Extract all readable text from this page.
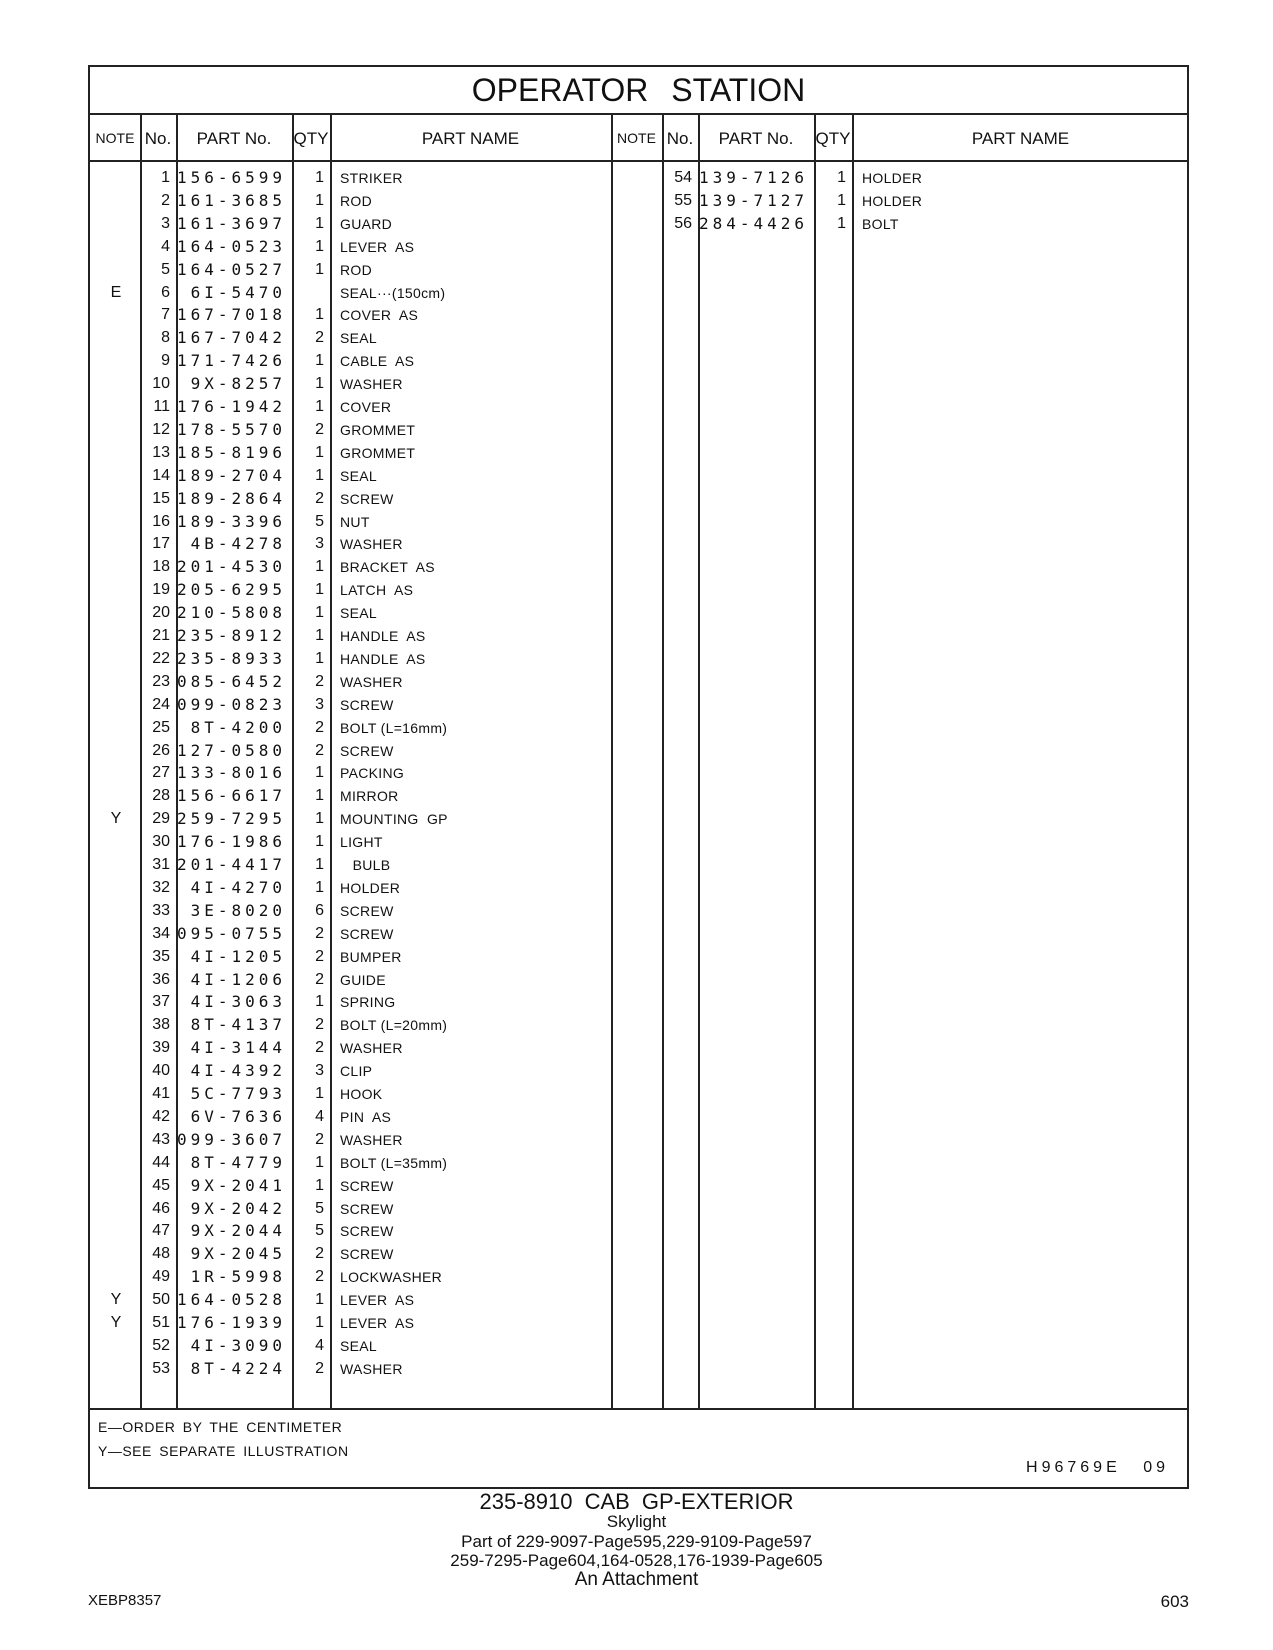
OPERATOR STATION
NOTE No.	PART No.	QTY	PART NAME	NOTE No.	PART No.	QTY	PART NAME
1 156-6599	1 STRIKER
2 161-3685	1 ROD
3 161-3697	1 GUARD
4 164-0523	1 LEVER  AS
5 164-0527	1 ROD
E	6	6I-5470	SEAL···(150cm)
7 167-7018	1 COVER  AS
8 167-7042	2 SEAL
9 171-7426	1 CABLE  AS
10	9X-8257	1 WASHER
11 176-1942	1 COVER
12 178-5570	2 GROMMET
13 185-8196	1 GROMMET
14 189-2704	1 SEAL
15 189-2864	2 SCREW
16 189-3396	5 NUT
17	4B-4278	3 WASHER
18 201-4530	1 BRACKET  AS
19 205-6295	1 LATCH  AS
20 210-5808	1 SEAL
21 235-8912	1 HANDLE  AS
22 235-8933	1 HANDLE  AS
23 085-6452	2 WASHER
24 099-0823	3 SCREW
25	8T-4200	2 BOLT (L=16mm)
26 127-0580	2 SCREW
27 133-8016	1 PACKING
28 156-6617	1 MIRROR
Y	29 259-7295	1 MOUNTING  GP
30 176-1986	1 LIGHT
31 201-4417	1 BULB
32	4I-4270	1 HOLDER
33	3E-8020	6 SCREW
34 095-0755	2 SCREW
35	4I-1205	2 BUMPER
36	4I-1206	2 GUIDE
37	4I-3063	1 SPRING
38	8T-4137	2 BOLT (L=20mm)
39	4I-3144	2 WASHER
40	4I-4392	3 CLIP
41	5C-7793	1 HOOK
42	6V-7636	4 PIN  AS
43 099-3607	2 WASHER
44	8T-4779	1 BOLT (L=35mm)
45	9X-2041	1 SCREW
46	9X-2042	5 SCREW
47	9X-2044	5 SCREW
48	9X-2045	2 SCREW
49	1R-5998	2 LOCKWASHER
Y	50 164-0528	1 LEVER  AS
Y	51 176-1939	1 LEVER  AS
52	4I-3090	4 SEAL
53	8T-4224	2 WASHER
54 139-7126	1 HOLDER
55 139-7127	1 HOLDER
56 284-4426	1 BOLT
E—ORDER BY THE CENTIMETER
Y—SEE SEPARATE ILLUSTRATION
H96769E 09
235-8910 CAB GP-EXTERIOR
Skylight
Part of 229-9097-Page595,229-9109-Page597
259-7295-Page604,164-0528,176-1939-Page605
An Attachment
XEBP8357	603
